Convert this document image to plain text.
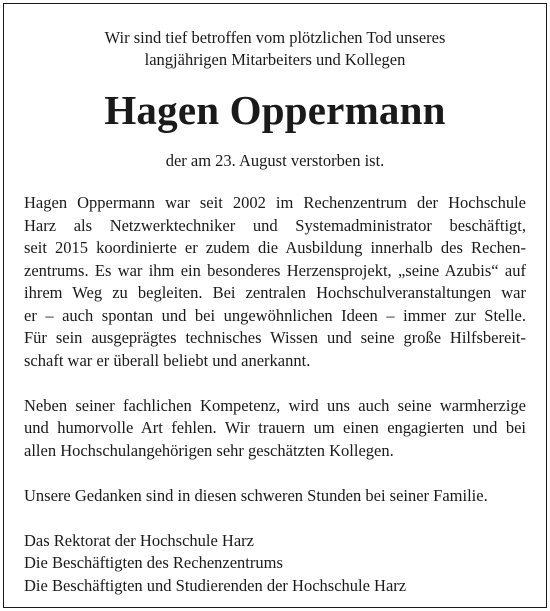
Wir sind tief betroffen vom plötzlichen Tod unseres
langjährigen Mitarbeiters und Kollegen
Hagen Oppermann
der am 23. August verstorben ist.
Hagen Oppermann war seit 2002 im Rechenzentrum der Hochschule
Harz als Netzwerktechniker und Systemadministrator beschäftigt,
seit 2015 koordinierte er zudem die Ausbildung innerhalb des Rechen-
zentrums. Es war ihm ein besonderes Herzensprojekt, „seine Azubis“ auf
ihrem Weg zu begleiten. Bei zentralen Hochschulveranstaltungen war
er – auch spontan und bei ungewöhnlichen Ideen – immer zur Stelle.
Für sein ausgeprägtes technisches Wissen und seine große Hilfsbereit-
schaft war er überall beliebt und anerkannt.
Neben seiner fachlichen Kompetenz, wird uns auch seine warmherzige
und humorvolle Art fehlen. Wir trauern um einen engagierten und bei
allen Hochschulangehörigen sehr geschätzten Kollegen.
Unsere Gedanken sind in diesen schweren Stunden bei seiner Familie.
Das Rektorat der Hochschule Harz
Die Beschäftigten des Rechenzentrums
Die Beschäftigten und Studierenden der Hochschule Harz
